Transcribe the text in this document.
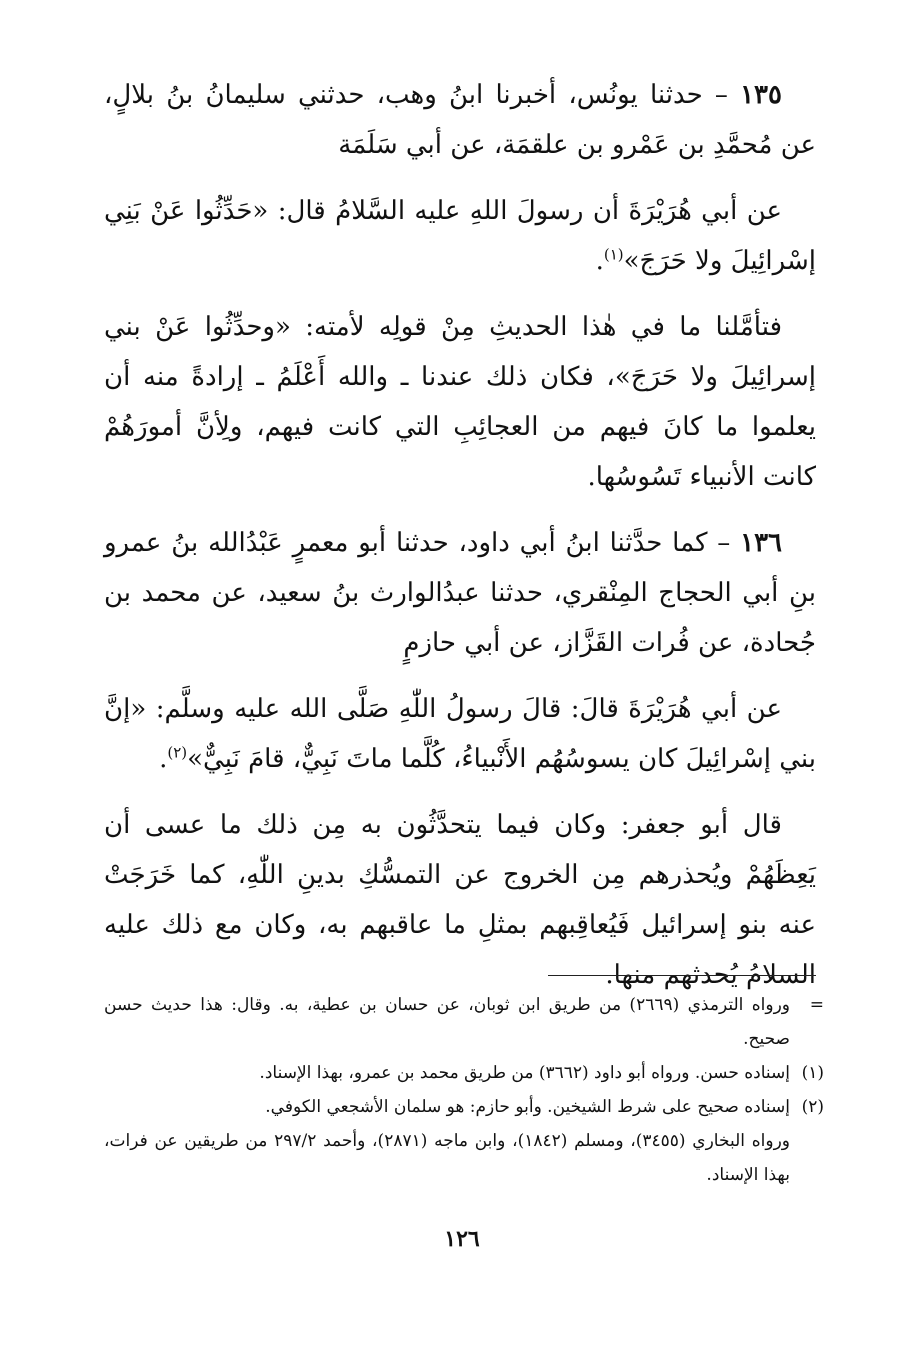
١٣٥ – حدثنا يونُس، أخبرنا ابنُ وهب، حدثني سليمانُ بنُ بلالٍ، عن مُحمَّدِ بن عَمْرو بن علقمَة، عن أبي سَلَمَة

عن أبي هُرَيْرَةَ أن رسولَ اللهِ عليه السَّلامُ قال: «حَدِّثُوا عَنْ بَنِي إسْرائِيلَ ولا حَرَجَ»$^{(١)}$.

فتأمَّلنا ما في هٰذا الحديثِ مِنْ قولِه لأمته: «وحدِّثُوا عَنْ بني إسرائِيلَ ولا حَرَجَ»، فكان ذلك عندنا ـ والله أَعْلَمُ ـ إرادةً منه أن يعلموا ما كانَ فيهم من العجائِبِ التي كانت فيهم، ولِأنَّ أمورَهُمْ كانت الأنبياء تَسُوسُها.

١٣٦ – كما حدَّثنا ابنُ أبي داود، حدثنا أبو معمرٍ عَبْدُالله بنُ عمرو بنِ أبي الحجاج المِنْقري، حدثنا عبدُالوارث بنُ سعيد، عن محمد بن جُحادة، عن فُرات القَزَّاز، عن أبي حازمٍ

عن أبي هُرَيْرَةَ قالَ: قالَ رسولُ اللّٰهِ صَلَّى الله عليه وسلَّم: «إنَّ بني إسْرائِيلَ كان يسوسُهُم الأَنْبياءُ، كُلَّما ماتَ نَبِيٌّ، قامَ نَبِيٌّ»$^{(٢)}$.

قال أبو جعفر: وكان فيما يتحدَّثُون به مِن ذلك ما عسى أن يَعِظَهُمْ ويُحذرهم مِن الخروج عن التمسُّكِ بدينِ اللّٰهِ، كما خَرَجَتْ عنه بنو إسرائيل فَيُعاقِبهم بمثلِ ما عاقبهم به، وكان مع ذلك عليه السلامُ يُحدثهم منها.

=
ورواه الترمذي (٢٦٦٩) من طريق ابن ثوبان، عن حسان بن عطية، به. وقال: هذا حديث حسن صحيح.
(١)
إسناده حسن. ورواه أبو داود (٣٦٦٢) من طريق محمد بن عمرو، بهذا الإسناد.
(٢)
إسناده صحيح على شرط الشيخين. وأبو حازم: هو سلمان الأشجعي الكوفي.
ورواه البخاري (٣٤٥٥)، ومسلم (١٨٤٢)، وابن ماجه (٢٨٧١)، وأحمد ٢٩٧/٢ من طريقين عن فرات، بهذا الإسناد.
١٢٦
